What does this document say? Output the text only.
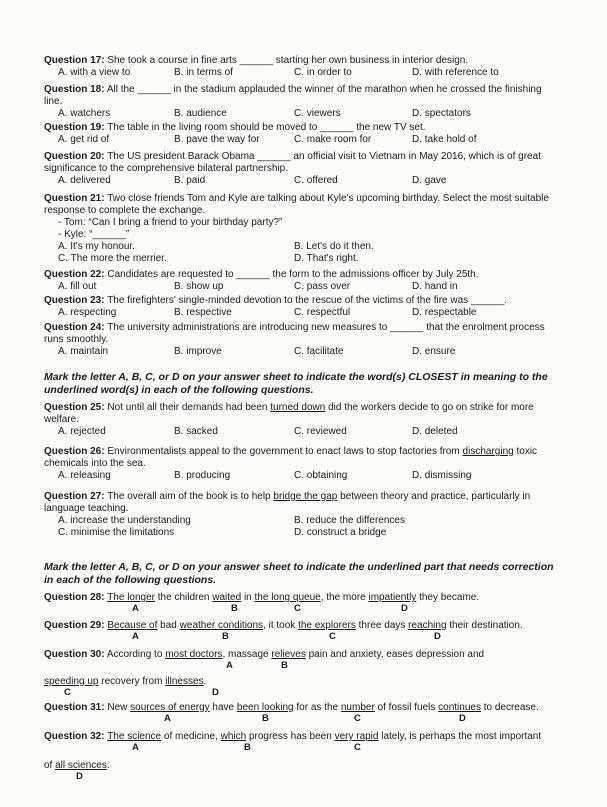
Question 17: She took a course in fine arts ______ starting her own business in interior design.
A. with a view to	B. in terms of	C. in order to	D. with reference to
Question 18: All the ______ in the stadium applauded the winner of the marathon when he crossed the finishing line.
A. watchers	B. audience	C. viewers	D. spectators
Question 19: The table in the living room should be moved to ______ the new TV set.
A. get rid of	B. pave the way for	C. make room for	D. take hold of
Question 20: The US president Barack Obama ______ an official visit to Vietnam in May 2016, which is of great significance to the comprehensive bilateral partnership.
A. delivered	B. paid	C. offered	D. gave
Question 21: Two close friends Tom and Kyle are talking about Kyle's upcoming birthday. Select the most suitable response to complete the exchange.
- Tom: “Can I bring a friend to your birthday party?”
- Kyle: “______”
A. It's my honour.	B. Let's do it then.
C. The more the merrier.	D. That's right.
Question 22: Candidates are requested to ______ the form to the admissions officer by July 25th.
A. fill out	B. show up	C. pass over	D. hand in
Question 23: The firefighters' single-minded devotion to the rescue of the victims of the fire was ______.
A. respecting	B. respective	C. respectful	D. respectable
Question 24: The university administrations are introducing new measures to ______ that the enrolment process runs smoothly.
A. maintain	B. improve	C. facilitate	D. ensure
Mark the letter A, B, C, or D on your answer sheet to indicate the word(s) CLOSEST in meaning to the underlined word(s) in each of the following questions.
Question 25: Not until all their demands had been turned down did the workers decide to go on strike for more welfare.
A. rejected	B. sacked	C. reviewed	D. deleted
Question 26: Environmentalists appeal to the government to enact laws to stop factories from discharging toxic chemicals into the sea.
A. releasing	B. producing	C. obtaining	D. dismissing
Question 27: The overall aim of the book is to help bridge the gap between theory and practice, particularly in language teaching.
A. increase the understanding	B. reduce the differences
C. minimise the limitations	D. construct a bridge
Mark the letter A, B, C, or D on your answer sheet to indicate the underlined part that needs correction in each of the following questions.
Question 28: The longer the children waited in the long queue, the more impatiently they became.
A	B	C	D
Question 29: Because of bad weather conditions, it took the explorers three days reaching their destination.
A	B	C	D
Question 30: According to most doctors, massage relieves pain and anxiety, eases depression and
A	B
speeding up recovery from illnesses.
C	D
Question 31: New sources of energy have been looking for as the number of fossil fuels continues to decrease.
A	B	C	D
Question 32: The science of medicine, which progress has been very rapid lately, is perhaps the most important
A	B	C
of all sciences.
D
